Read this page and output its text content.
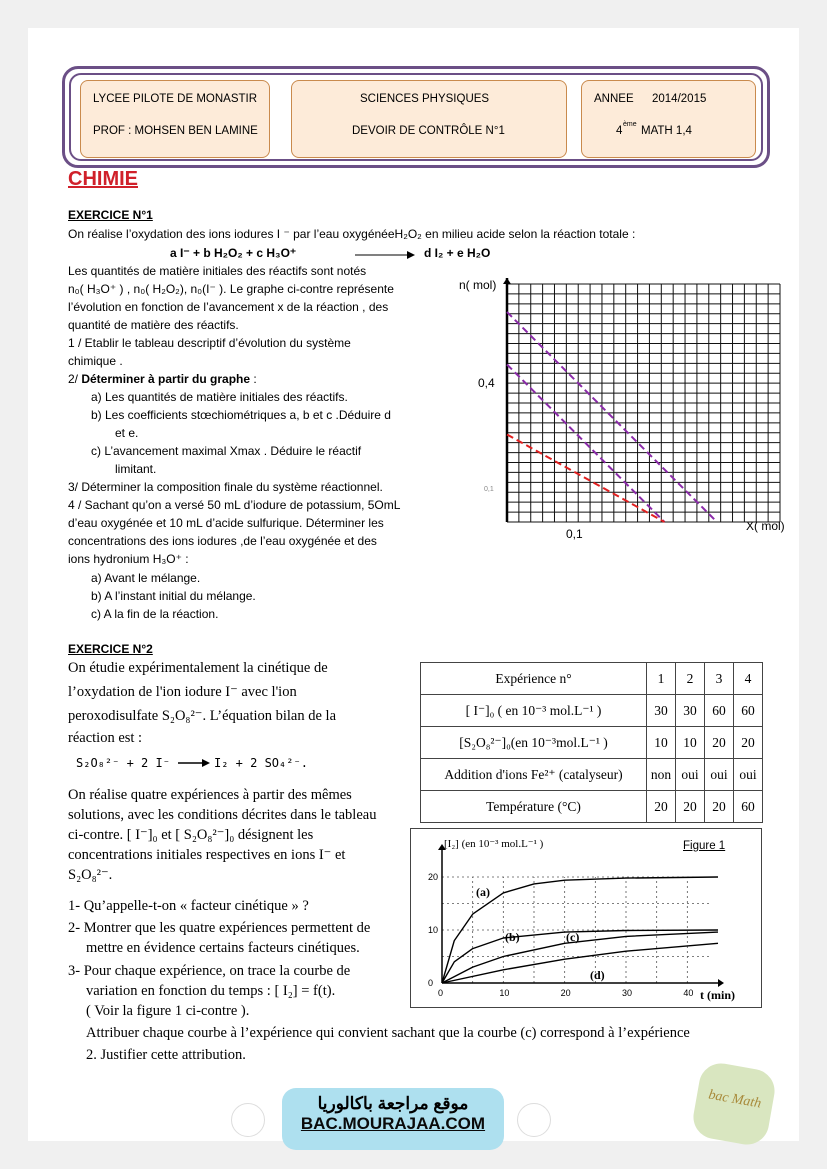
LYCEE PILOTE DE MONASTIR
PROF : MOHSEN BEN LAMINE
SCIENCES PHYSIQUES
DEVOIR DE CONTRÔLE N°1
ANNEE 2014/2015
4
ème
MATH 1,4
CHIMIE
EXERCICE N°1
On réalise l’oxydation des ions iodures I ⁻ par l’eau oxygénéeH₂O₂ en milieu acide selon la réaction totale :
a I⁻ + b H₂O₂ + c H₃O⁺	→ d I₂ + e H₂O
Les quantités de matière initiales des réactifs sont notés
n₀( H₃O⁺ ) , n₀( H₂O₂), n₀(I⁻ ). Le graphe ci-contre représente
l’évolution en fonction de l’avancement x de la réaction , des
quantité de matière des réactifs.
1 / Etablir le tableau descriptif d’évolution du système
chimique .
2/ Déterminer à partir du graphe :
a) Les quantités de matière initiales des réactifs.
b) Les coefficients stœchiométriques a, b et c .Déduire d
et e.
c) L’avancement maximal Xmax . Déduire le réactif
limitant.
3/ Déterminer la composition finale du système réactionnel.
4 / Sachant qu’on a versé 50 mL d’iodure de potassium, 5OmL
d’eau oxygénée et 10 mL d’acide sulfurique. Déterminer les
concentrations des ions iodures ,de l’eau oxygénée et des
ions hydronium H₃O⁺ :
a) Avant le mélange.
b) A l’instant initial du mélange.
c) A la fin de la réaction.
n( mol)
0,4
0,1
X( mol)
EXERCICE N°2
On étudie expérimentalement la cinétique de
l’oxydation de l'ion iodure I⁻ avec l'ion
peroxodisulfate S₂O₈²⁻. L’équation bilan de la
réaction est :
S₂O₈²⁻ + 2 I⁻	I₂ + 2 SO₄²⁻.
On réalise quatre expériences à partir des mêmes
solutions, avec les conditions décrites dans le tableau
ci-contre. [ I⁻]₀ et [ S₂O₈²⁻]₀ désignent les
concentrations initiales respectives en ions I⁻ et
S₂O₈²⁻.
1- Qu’appelle-t-on « facteur cinétique » ?
2- Montrer que les quatre expériences permettent de
mettre en évidence certains facteurs cinétiques.
3- Pour chaque expérience, on trace la courbe de
variation en fonction du temps : [ I₂] = f(t).
( Voir la figure 1 ci-contre ).
Attribuer chaque courbe à l’expérience qui convient sachant que la courbe (c) correspond à l’expérience
2. Justifier cette attribution.
Expérience n°	1	2	3	4
[ I⁻]₀ ( en 10⁻³ mol.L⁻¹ )	30	30	60	60
[S₂O₈²⁻]₀(en 10⁻³mol.L⁻¹ )	10	10	20	20
Addition d'ions Fe²⁺ (catalyseur)	non	oui	oui	oui
Température (°C)	20	20	20	60
[I₂] (en 10⁻³ mol.L⁻¹ )	Figure 1
20
10
0
0	10	20	30	40
(a)
(b)	(c)
(d)
t (min)
موقع مراجعة باكالوريا
BAC.MOURAJAA.COM
bac Math
